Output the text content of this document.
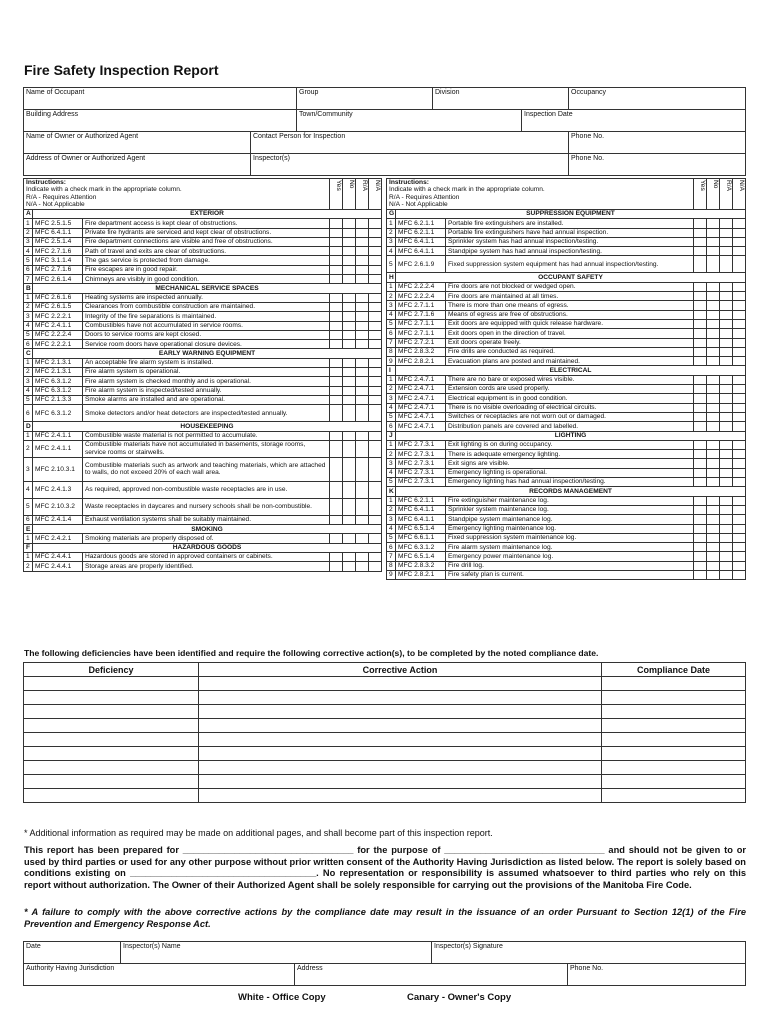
Fire Safety Inspection Report
Name of Occupant	Group	Division	Occupancy
Building Address	Town/Community	Inspection Date
Name of Owner or Authorized Agent	Contact Person for Inspection	Phone No.
Address of Owner or Authorized Agent	Inspector(s)	Phone No.
Instructions:
Indicate with a check mark in the appropriate column.
R/A - Requires Attention
N/A - Not Applicable			Yes	No	R/A	N/A
A	EXTERIOR					
1	MFC 2.5.1.5	Fire department access is kept clear of obstructions.				
2	MFC 6.4.1.1	Private fire hydrants are serviced and kept clear of obstructions.				
3	MFC 2.5.1.4	Fire department connections are visible and free of obstructions.				
4	MFC 2.7.1.6	Path of travel and exits are clear of obstructions.				
5	MFC 3.1.1.4	The gas service is protected from damage.				
6	MFC 2.7.1.6	Fire escapes are in good repair.				
7	MFC 2.6.1.4	Chimneys are visibly in good condition.				
B	MECHANICAL SERVICE SPACES					
1	MFC 2.6.1.6	Heating systems are inspected annually.				
2	MFC 2.6.1.5	Clearances from combustible construction are maintained.				
3	MFC 2.2.2.1	Integrity of the fire separations is maintained.				
4	MFC 2.4.1.1	Combustibles have not accumulated in service rooms.				
5	MFC 2.2.2.4	Doors to service rooms are kept closed.				
6	MFC 2.2.2.1	Service room doors have operational closure devices.				
C	EARLY WARNING EQUIPMENT					
1	MFC 2.1.3.1	An acceptable fire alarm system is installed.				
2	MFC 2.1.3.1	Fire alarm system is operational.				
3	MFC 6.3.1.2	Fire alarm system is checked monthly and is operational.				
4	MFC 6.3.1.2	Fire alarm system is inspected/tested annually.				
5	MFC 2.1.3.3	Smoke alarms are installed and are operational.				
6	MFC 6.3.1.2	Smoke detectors and/or heat detectors are inspected/tested annually.				
D	HOUSEKEEPING					
1	MFC 2.4.1.1	Combustible waste material is not permitted to accumulate.				
2	MFC 2.4.1.1	Combustible materials have not accumulated in basements, storage rooms, service rooms or stairwells.				
3	MFC 2.10.3.1	Combustible materials such as artwork and teaching materials, which are attached to walls, do not exceed 20% of each wall area.				
4	MFC 2.4.1.3	As required, approved non-combustible waste receptacles are in use.				
5	MFC 2.10.3.2	Waste receptacles in daycares and nursery schools shall be non-combustible.				
6	MFC 2.4.1.4	Exhaust ventilation systems shall be suitably maintained.				
E	SMOKING					
1	MFC 2.4.2.1	Smoking materials are properly disposed of.				
F	HAZARDOUS GOODS					
1	MFC 2.4.4.1	Hazardous goods are stored in approved containers or cabinets.				
2	MFC 2.4.4.1	Storage areas are properly identified.				
Instructions:
Indicate with a check mark in the appropriate column.
R/A - Requires Attention
N/A - Not Applicable			Yes	No	R/A	N/A
G	SUPPRESSION EQUIPMENT					
1	MFC 6.2.1.1	Portable fire extinguishers are installed.				
2	MFC 6.2.1.1	Portable fire extinguishers have had annual inspection.				
3	MFC 6.4.1.1	Sprinkler system has had annual inspection/testing.				
4	MFC 6.4.1.1	Standpipe system has had annual inspection/testing.				
5	MFC 2.6.1.9	Fixed suppression system equipment has had annual inspection/testing.				
H	OCCUPANT SAFETY					
1	MFC 2.2.2.4	Fire doors are not blocked or wedged open.				
2	MFC 2.2.2.4	Fire doors are maintained at all times.				
3	MFC 2.7.1.1	There is more than one means of egress.				
4	MFC 2.7.1.6	Means of egress are free of obstructions.				
5	MFC 2.7.1.1	Exit doors are equipped with quick release hardware.				
6	MFC 2.7.1.1	Exit doors open in the direction of travel.				
7	MFC 2.7.2.1	Exit doors operate freely.				
8	MFC 2.8.3.2	Fire drills are conducted as required.				
9	MFC 2.8.2.1	Evacuation plans are posted and maintained.				
I	ELECTRICAL					
1	MFC 2.4.7.1	There are no bare or exposed wires visible.				
2	MFC 2.4.7.1	Extension cords are used properly.				
3	MFC 2.4.7.1	Electrical equipment is in good condition.				
4	MFC 2.4.7.1	There is no visible overloading of electrical circuits.				
5	MFC 2.4.7.1	Switches or receptacles are not worn out or damaged.				
6	MFC 2.4.7.1	Distribution panels are covered and labelled.				
J	LIGHTING					
1	MFC 2.7.3.1	Exit lighting is on during occupancy.				
2	MFC 2.7.3.1	There is adequate emergency lighting.				
3	MFC 2.7.3.1	Exit signs are visible.				
4	MFC 2.7.3.1	Emergency lighting is operational.				
5	MFC 2.7.3.1	Emergency lighting has had annual inspection/testing.				
K	RECORDS MANAGEMENT					
1	MFC 6.2.1.1	Fire extinguisher maintenance log.				
2	MFC 6.4.1.1	Sprinkler system maintenance log.				
3	MFC 6.4.1.1	Standpipe system maintenance log.				
4	MFC 6.5.1.4	Emergency lighting maintenance log.				
5	MFC 6.6.1.1	Fixed suppression system maintenance log.				
6	MFC 6.3.1.2	Fire alarm system maintenance log.				
7	MFC 6.5.1.4	Emergency power maintenance log.				
8	MFC 2.8.3.2	Fire drill log.				
9	MFC 2.8.2.1	Fire safety plan is current.				
The following deficiencies have been identified and require the following corrective action(s), to be completed by the noted compliance date.
Deficiency	Corrective Action	Compliance Date

* Additional information as required may be made on additional pages, and shall become part of this inspection report.
This report has been prepared for _________________________________ for the purpose of _______________________________ and should not be given to or used by third parties or used for any other purpose without prior written consent of the Authority Having Jurisdiction as listed below. The report is solely based on conditions existing on ____________________________________. No representation or responsibility is assumed whatsoever to third parties who rely on this report without authorization. The Owner of their Authorized Agent shall be solely responsible for carrying out the provisions of the Manitoba Fire Code.
* A failure to comply with the above corrective actions by the compliance date may result in the issuance of an order Pursuant to Section 12(1) of the Fire Prevention and Emergency Response Act.
Date	Inspector(s) Name	Inspector(s) Signature
Authority Having Jurisdiction	Address	Phone No.
White - Office Copy	Canary - Owner's Copy
